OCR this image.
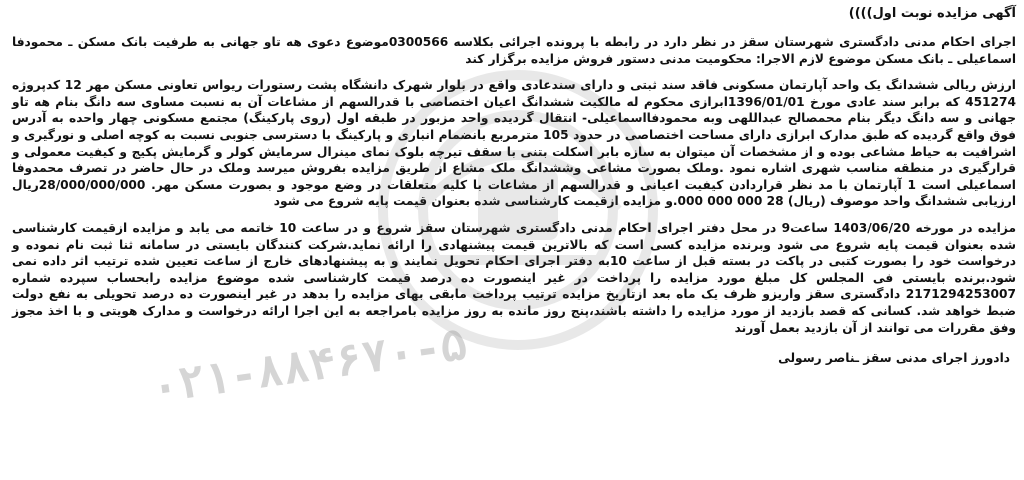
آگهی مزایده نوبت اول))))

اجرای احکام مدنی دادگستری شهرستان سقز در نظر دارد در رابطه با پرونده اجرائی بکلاسه 0300566موضوع دعوی هه تاو جهانی به طرفیت بانک مسکن ـ محمودفا اسماعیلی ـ بانک مسکن موضوع لازم الاجرا: محکومیت مدنی دستور فروش مزایده برگزار کند

ارزش ریالی ششدانگ یک واحد آپارتمان مسکونی فاقد سند ثبتی و دارای سندعادی واقع در بلوار شهرک دانشگاه پشت رستورات ریواس تعاونی مسکن مهر 12 کدپروژه 451274 که برابر سند عادی مورخ 1396/01/01ابرازی محکوم له مالکیت ششدانگ اعیان اختصاصی با قدرالسهم از مشاعات آن به نسبت مساوی سه دانگ بنام هه تاو جهانی و سه دانگ دیگر بنام محمصالح عبداللهی وبه محمودفااسماعیلی- انتقال گردیده واحد مزبور در طبقه اول (روی پارکینگ) مجتمع مسکونی چهار واحده به آدرس فوق واقع گردیده که طبق مدارک ابرازی دارای مساحت اختصاصی در حدود 105 مترمربع بانضمام انباری و پارکینگ با دسترسی جنوبی نسبت به کوچه اصلی و نورگیری و اشرافیت به حیاط مشاعی بوده و از مشخصات آن میتوان به سازه بابر اسکلت بتنی با سقف تیرچه بلوک نمای مینرال سرمایش کولر و گرمایش پکیج و کیفیت معمولی و قرارگیری در منطقه مناسب شهری اشاره نمود .وملک بصورت مشاعی وششدانگ ملک مشاع از طریق مزایده بفروش میرسد وملک در حال حاضر در تصرف محمدوفا اسماعیلی است 1 آپارتمان با مد نظر قراردادن کیفیت اعیانی و قدرالسهم از مشاعات با کلیه متعلقات در وضع موجود و بصورت مسکن مهر. 28/000/000/000ریال ارزیابی ششدانگ واحد موصوف (ریال) 28 000 000 000.و مزایده ازقیمت کارشناسی شده بعنوان قیمت پایه شروع می شود

مزایده در مورخه 1403/06/20 ساعت9 در محل دفتر اجرای احکام مدنی دادگستری شهرستان سقز شروع و در ساعت 10 خاتمه می یابد و مزایده ازقیمت کارشناسی شده بعنوان قیمت پایه شروع می شود وبرنده مزایده کسی است که بالاترین قیمت پیشنهادی را ارائه نماید.شرکت کنندگان بایستی در سامانه ثنا ثبت نام نموده و درخواست خود را بصورت کتبی در پاکت در بسته قبل از ساعت 10به دفتر اجرای احکام تحویل نمایند و به پیشنهادهای خارج از ساعت تعیین شده ترتیب اثر داده نمی شود.برنده بایستی فی المجلس کل مبلغ مورد مزایده را پرداخت در غیر اینصورت ده درصد قیمت کارشناسی شده موضوع مزایده رابحساب سپرده شماره 2171294253007 دادگستری سقز واریزو ظرف یک ماه بعد ازتاریخ مزایده ترتیب پرداخت مابقی بهای مزایده را بدهد در غیر اینصورت ده درصد تحویلی به نفع دولت ضبط خواهد شد. کسانی که قصد بازدید از مورد مزایده را داشته باشند،پنج روز مانده به روز مزایده بامراجعه به این اجرا ارائه درخواست و مدارک هویتی و با اخذ مجوز وفق مقررات می توانند از آن بازدید بعمل آورند

دادورز اجرای مدنی سقز ـناصر رسولی
۰۲۱-۸۸۴۶۷۰-۵
